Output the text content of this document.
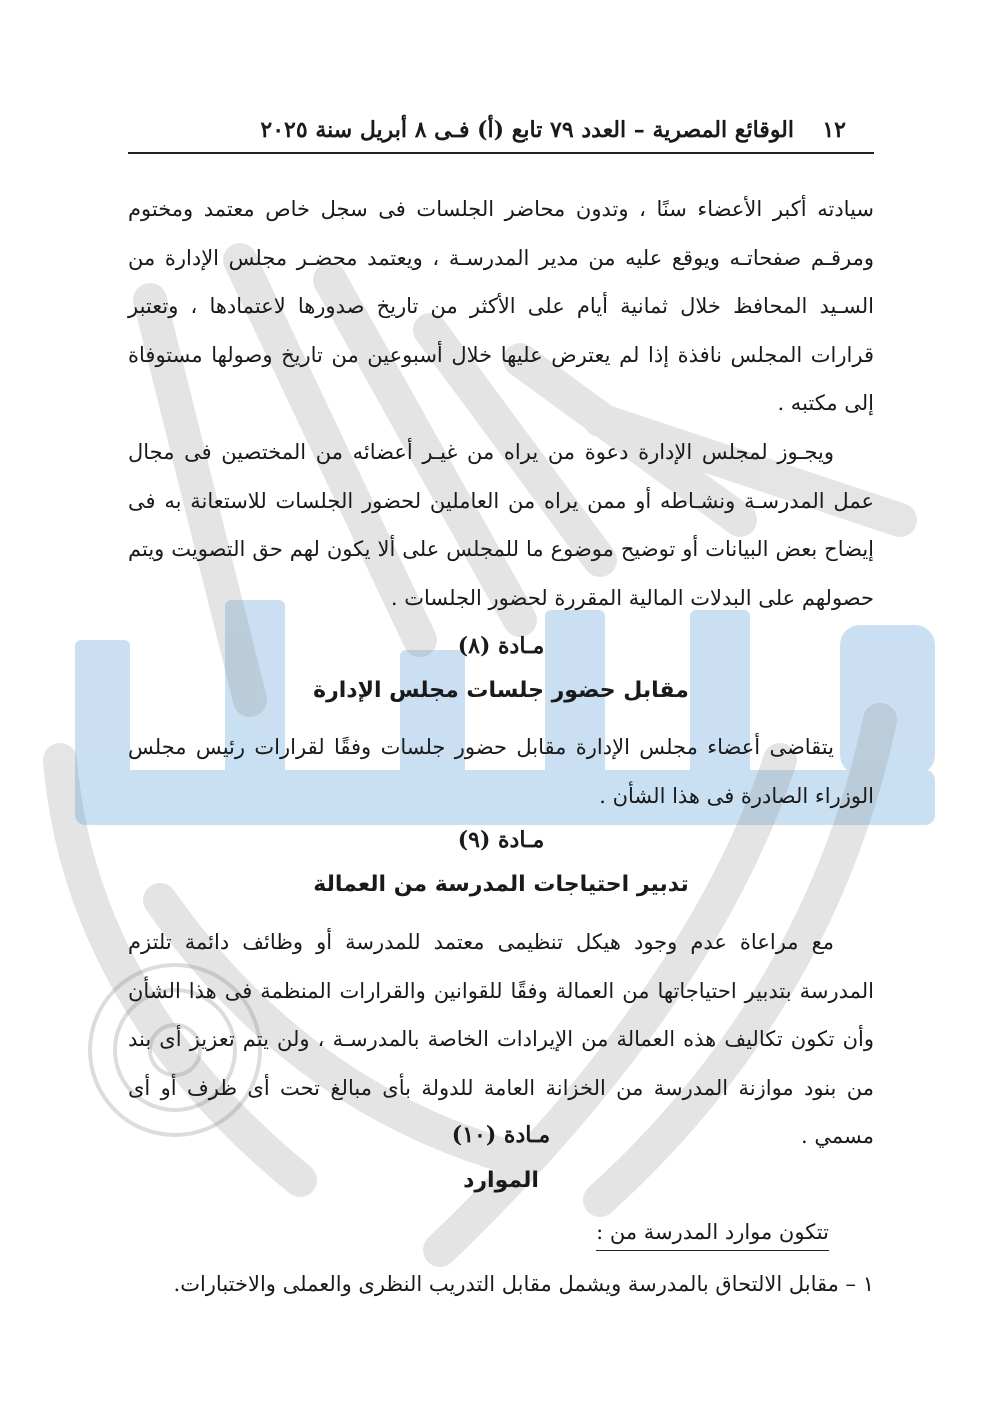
١٢
الوقائع المصرية – العدد ٧٩ تابع (أ) فـى ٨ أبريل سنة ٢٠٢٥
سيادته أكبر الأعضاء سنًا ، وتدون محاضر الجلسات فى سجل خاص معتمد ومختوم ومرقـم صفحاتـه ويوقع عليه من مدير المدرسـة ، ويعتمد محضـر مجلس الإدارة من السـيد المحافظ خلال ثمانية أيام على الأكثر من تاريخ صدورها لاعتمادها ، وتعتبر قرارات المجلس نافذة إذا لم يعترض عليها خلال أسبوعين من تاريخ وصولها مستوفاة إلى مكتبه .
ويجـوز لمجلس الإدارة دعوة من يراه من غيـر أعضائه من المختصين فى مجال عمل المدرسـة ونشـاطه أو ممن يراه من العاملين لحضور الجلسات للاستعانة به فى إيضاح بعض البيانات أو توضيح موضوع ما للمجلس على ألا يكون لهم حق التصويت ويتم حصولهم على البدلات المالية المقررة لحضور الجلسات .
مـادة (٨)
مقابل حضور جلسات مجلس الإدارة
يتقاضى أعضاء مجلس الإدارة مقابل حضور جلسات وفقًا لقرارات رئيس مجلس الوزراء الصادرة فى هذا الشأن .
مـادة (٩)
تدبير احتياجات المدرسة من العمالة
مع مراعاة عدم وجود هيكل تنظيمى معتمد للمدرسة أو وظائف دائمة تلتزم المدرسة بتدبير احتياجاتها من العمالة وفقًا للقوانين والقرارات المنظمة فى هذا الشأن وأن تكون تكاليف هذه العمالة من الإيرادات الخاصة بالمدرسـة ، ولن يتم تعزيز أى بند من بنود موازنة المدرسة من الخزانة العامة للدولة بأى مبالغ تحت أى ظرف أو أى مسمي .
مـادة (١٠)
الموارد
تتكون موارد المدرسة من :
١ – مقابل الالتحاق بالمدرسة ويشمل مقابل التدريب النظرى والعملى والاختبارات.
